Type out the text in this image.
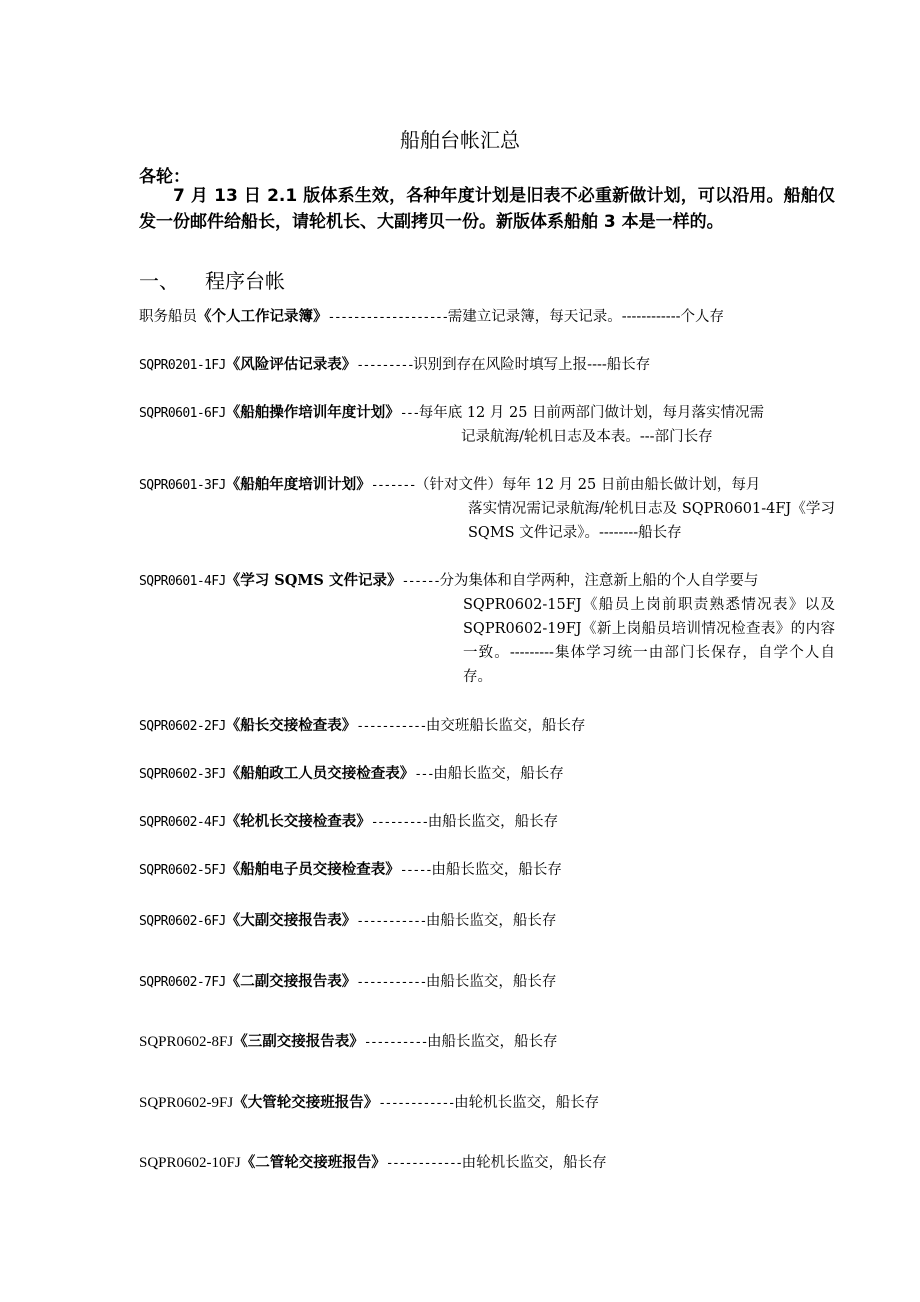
船舶台帐汇总
各轮：
7 月 13 日 2.1 版体系生效，各种年度计划是旧表不必重新做计划，可以沿用。船舶仅发一份邮件给船长，请轮机长、大副拷贝一份。新版体系船舶 3 本是一样的。
一、 程序台帐
职务船员《个人工作记录簿》-------------------需建立记录簿，每天记录。------------个人存
SQPR0201-1FJ《风险评估记录表》---------识别到存在风险时填写上报----船长存
SQPR0601-6FJ《船舶操作培训年度计划》---每年底 12 月 25 日前两部门做计划，每月落实情况需
记录航海/轮机日志及本表。---部门长存
SQPR0601-3FJ《船舶年度培训计划》-------（针对文件）每年 12 月 25 日前由船长做计划，每月
落实情况需记录航海/轮机日志及 SQPR0601-4FJ《学习 SQMS 文件记录》。--------船长存
SQPR0601-4FJ《学习 SQMS 文件记录》------分为集体和自学两种，注意新上船的个人自学要与
SQPR0602-15FJ《船员上岗前职责熟悉情况表》以及 SQPR0602-19FJ《新上岗船员培训情况检查表》的内容一致。---------集体学习统一由部门长保存，自学个人自存。
SQPR0602-2FJ《船长交接检查表》-----------由交班船长监交，船长存
SQPR0602-3FJ《船舶政工人员交接检查表》---由船长监交，船长存
SQPR0602-4FJ《轮机长交接检查表》---------由船长监交，船长存
SQPR0602-5FJ《船舶电子员交接检查表》-----由船长监交，船长存
SQPR0602-6FJ《大副交接报告表》-----------由船长监交，船长存
SQPR0602-7FJ《二副交接报告表》-----------由船长监交，船长存
SQPR0602-8FJ《三副交接报告表》----------由船长监交，船长存
SQPR0602-9FJ《大管轮交接班报告》------------由轮机长监交，船长存
SQPR0602-10FJ《二管轮交接班报告》------------由轮机长监交，船长存
